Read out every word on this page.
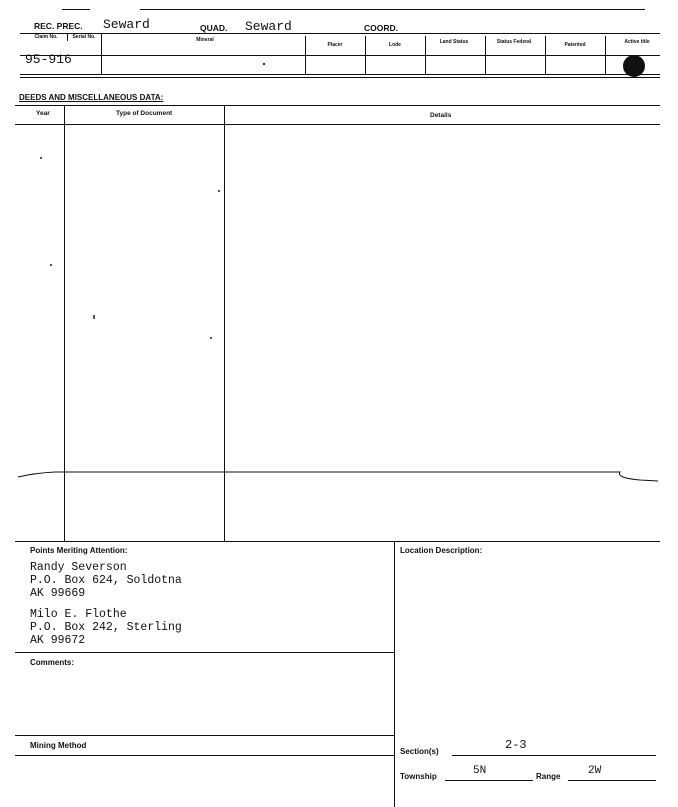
REC. PREC. Seward	QUAD. Seward	COORD.
Claim No.	Serial No.	Mineral
Placer	Lode	Land Status	Status Federal	Patented	Active title
95-916
DEEDS AND MISCELLANEOUS DATA:
Year	Type of Document	Details
Points Meriting Attention:
Randy Severson
P.O. Box 624, Soldotna
AK 99669
Milo E. Flothe
P.O. Box 242, Sterling
AK 99672
Location Description:
Comments:
Mining Method
Section(s)	2-3
Township	5N	Range	2W
